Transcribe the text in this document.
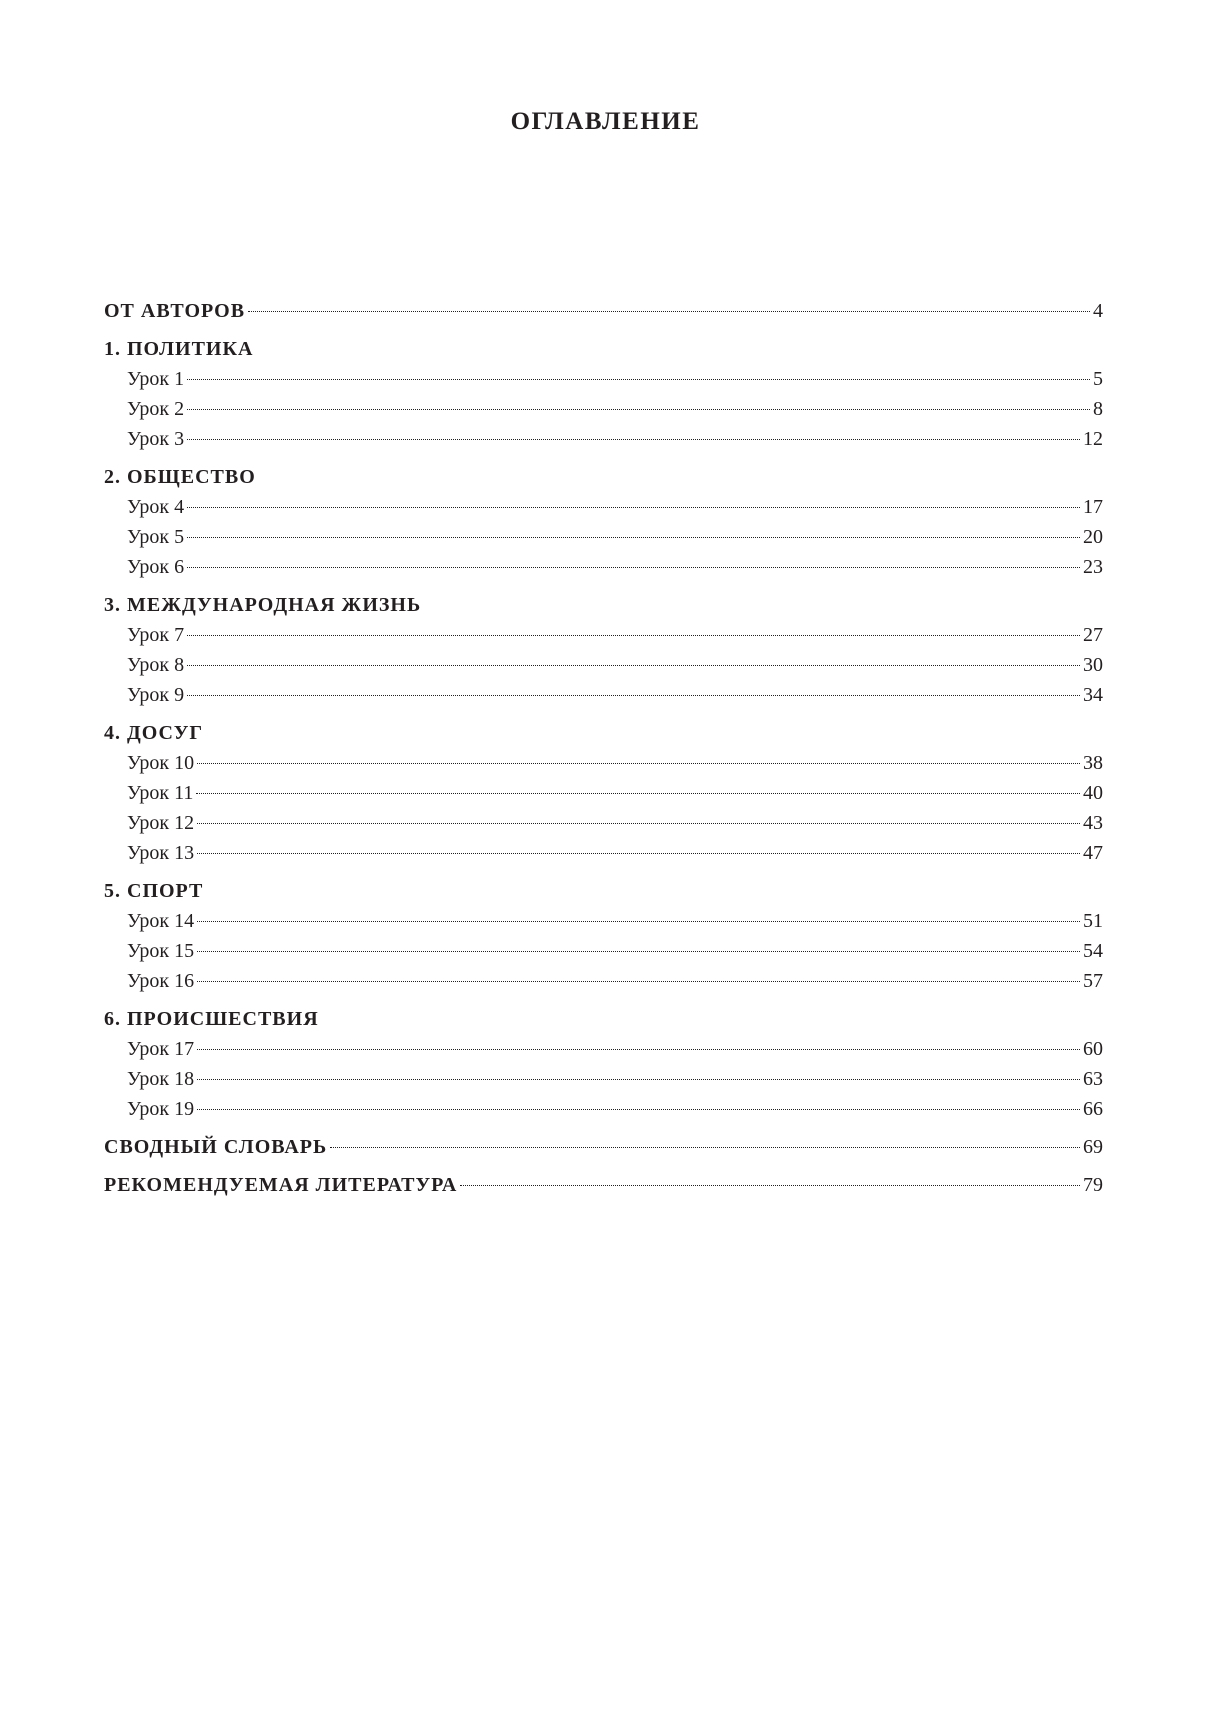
ОГЛАВЛЕНИЕ
ОТ АВТОРОВ	4
1. ПОЛИТИКА
Урок 1	5
Урок 2	8
Урок 3	12
2. ОБЩЕСТВО
Урок 4	17
Урок 5	20
Урок 6	23
3. МЕЖДУНАРОДНАЯ ЖИЗНЬ
Урок 7	27
Урок 8	30
Урок 9	34
4. ДОСУГ
Урок 10	38
Урок 11	40
Урок 12	43
Урок 13	47
5. СПОРТ
Урок 14	51
Урок 15	54
Урок 16	57
6. ПРОИСШЕСТВИЯ
Урок 17	60
Урок 18	63
Урок 19	66
СВОДНЫЙ СЛОВАРЬ	69
РЕКОМЕНДУЕМАЯ ЛИТЕРАТУРА	79
